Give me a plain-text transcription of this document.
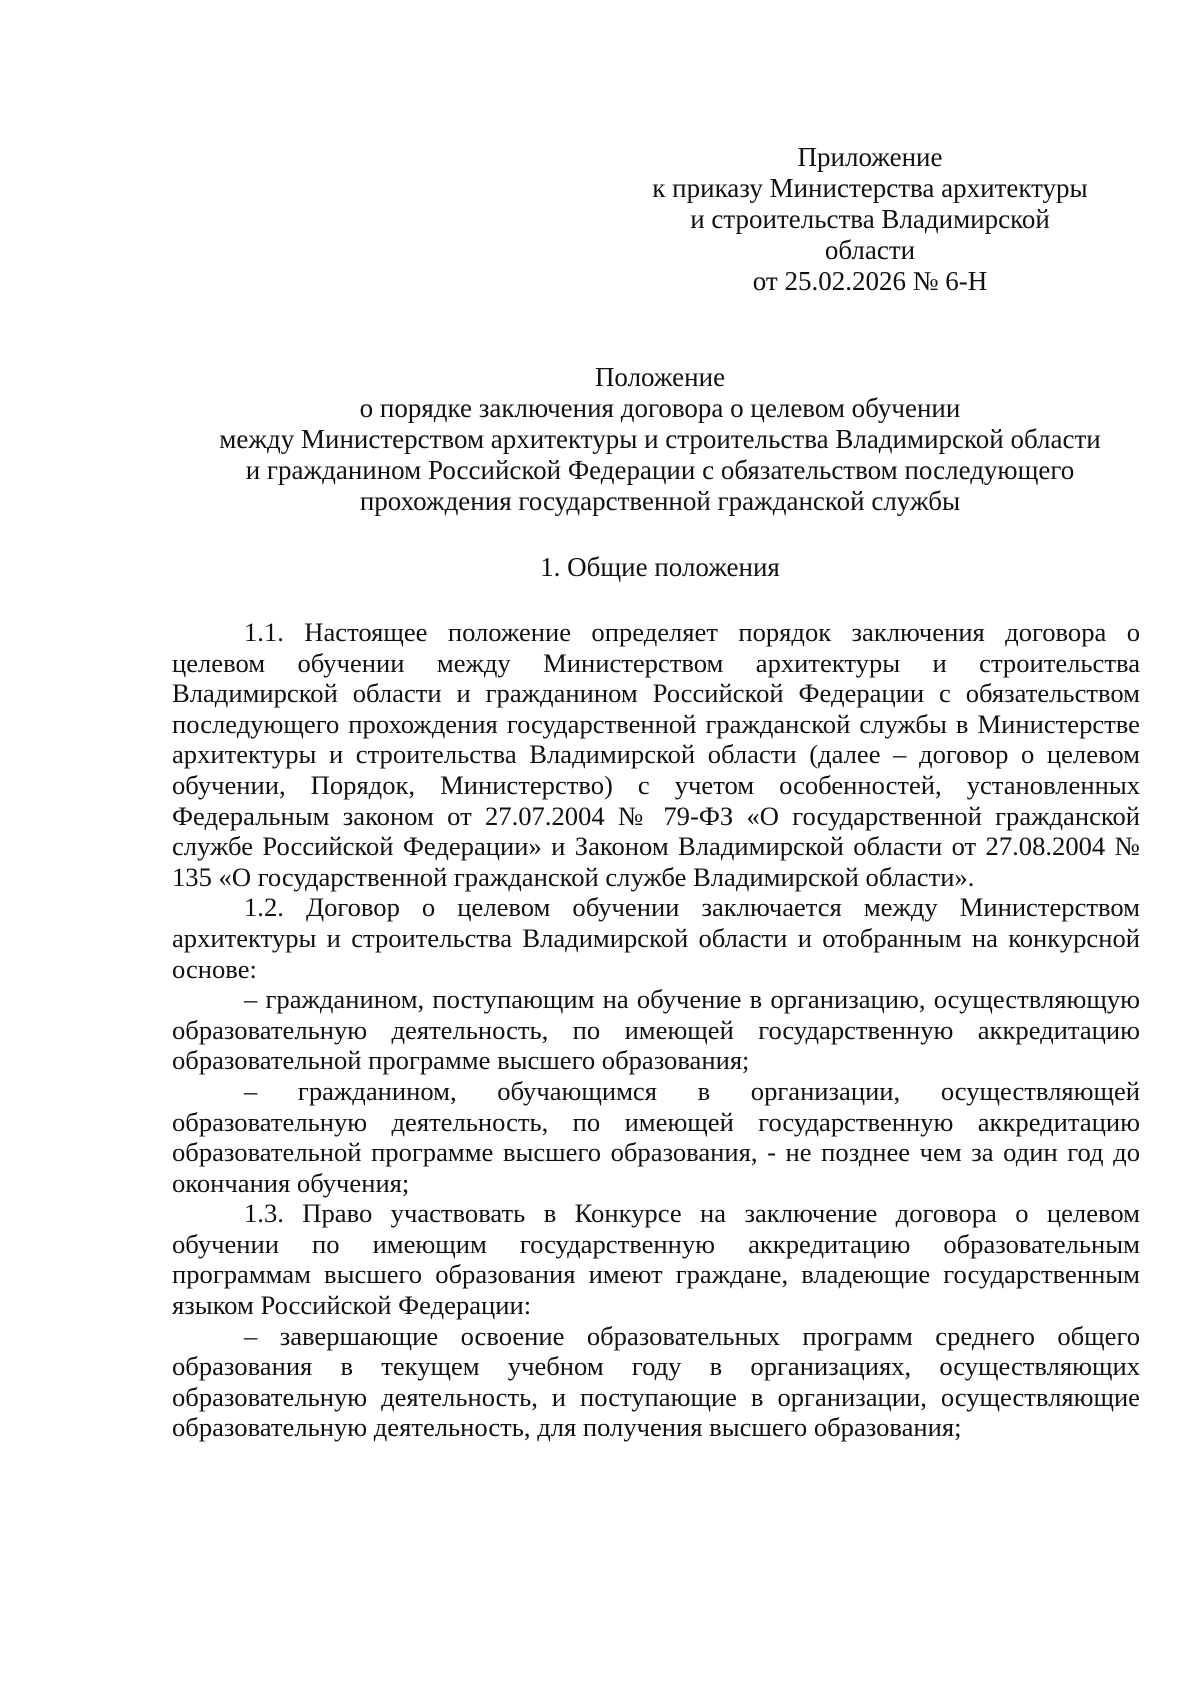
Приложение
к приказу Министерства архитектуры
и строительства Владимирской
области
от 25.02.2026 № 6-Н
Положение
о порядке заключения договора о целевом обучении
между Министерством архитектуры и строительства Владимирской области
и гражданином Российской Федерации с обязательством последующего
прохождения государственной гражданской службы
1. Общие положения

1.1. Настоящее положение определяет порядок заключения договора о целевом обучении между Министерством архитектуры и строительства Владимирской области и гражданином Российской Федерации с обязательством последующего прохождения государственной гражданской службы в Министерстве архитектуры и строительства Владимирской области (далее – договор о целевом обучении, Порядок, Министерство) с учетом особенностей, установленных Федеральным законом от 27.07.2004 № 79-ФЗ «О государственной гражданской службе Российской Федерации» и Законом Владимирской области от 27.08.2004 № 135 «О государственной гражданской службе Владимирской области».

1.2. Договор о целевом обучении заключается между Министерством архитектуры и строительства Владимирской области и отобранным на конкурсной основе:

– гражданином, поступающим на обучение в организацию, осуществляющую образовательную деятельность, по имеющей государственную аккредитацию образовательной программе высшего образования;

– гражданином, обучающимся в организации, осуществляющей образовательную деятельность, по имеющей государственную аккредитацию образовательной программе высшего образования, - не позднее чем за один год до окончания обучения;

1.3. Право участвовать в Конкурсе на заключение договора о целевом обучении по имеющим государственную аккредитацию образовательным программам высшего образования имеют граждане, владеющие государственным языком Российской Федерации:

– завершающие освоение образовательных программ среднего общего образования в текущем учебном году в организациях, осуществляющих образовательную деятельность, и поступающие в организации, осуществляющие образовательную деятельность, для получения высшего образования;
